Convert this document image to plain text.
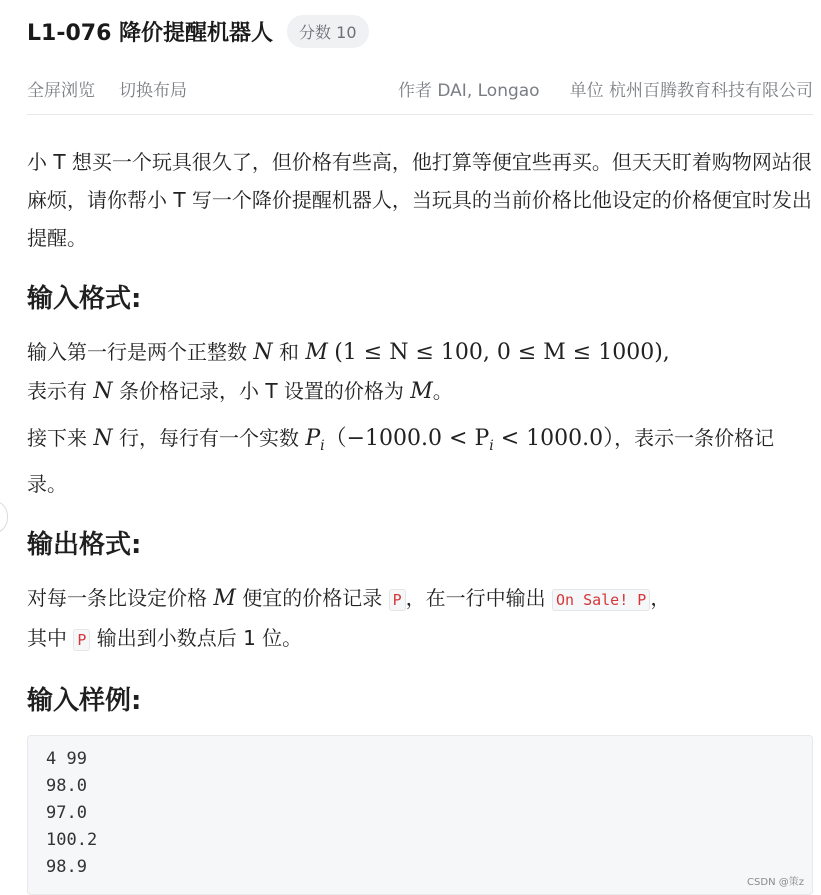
L1-076 降价提醒机器人	分数 10
全屏浏览 切换布局	作者 DAI, Longao 单位 杭州百腾教育科技有限公司

小 T 想买一个玩具很久了，但价格有些高，他打算等便宜些再买。但天天盯着购物网站很麻烦，请你帮小 T 写一个降价提醒机器人，当玩具的当前价格比他设定的价格便宜时发出提醒。

输入格式:

输入第一行是两个正整数 N 和 M (1 ≤ N ≤ 100, 0 ≤ M ≤ 1000),
表示有 N 条价格记录，小 T 设置的价格为 M。

接下来 N 行，每行有一个实数 $P_i(-1000.0 < P_i < 1000.0)$，表示一条价格记录。

输出格式:

对每一条比设定价格 M 便宜的价格记录 P ，在一行中输出 On Sale! P ，
其中 P 输出到小数点后 1 位。

输入样例:
4 99
98.0
97.0
100.2
98.9
CSDN @策z
